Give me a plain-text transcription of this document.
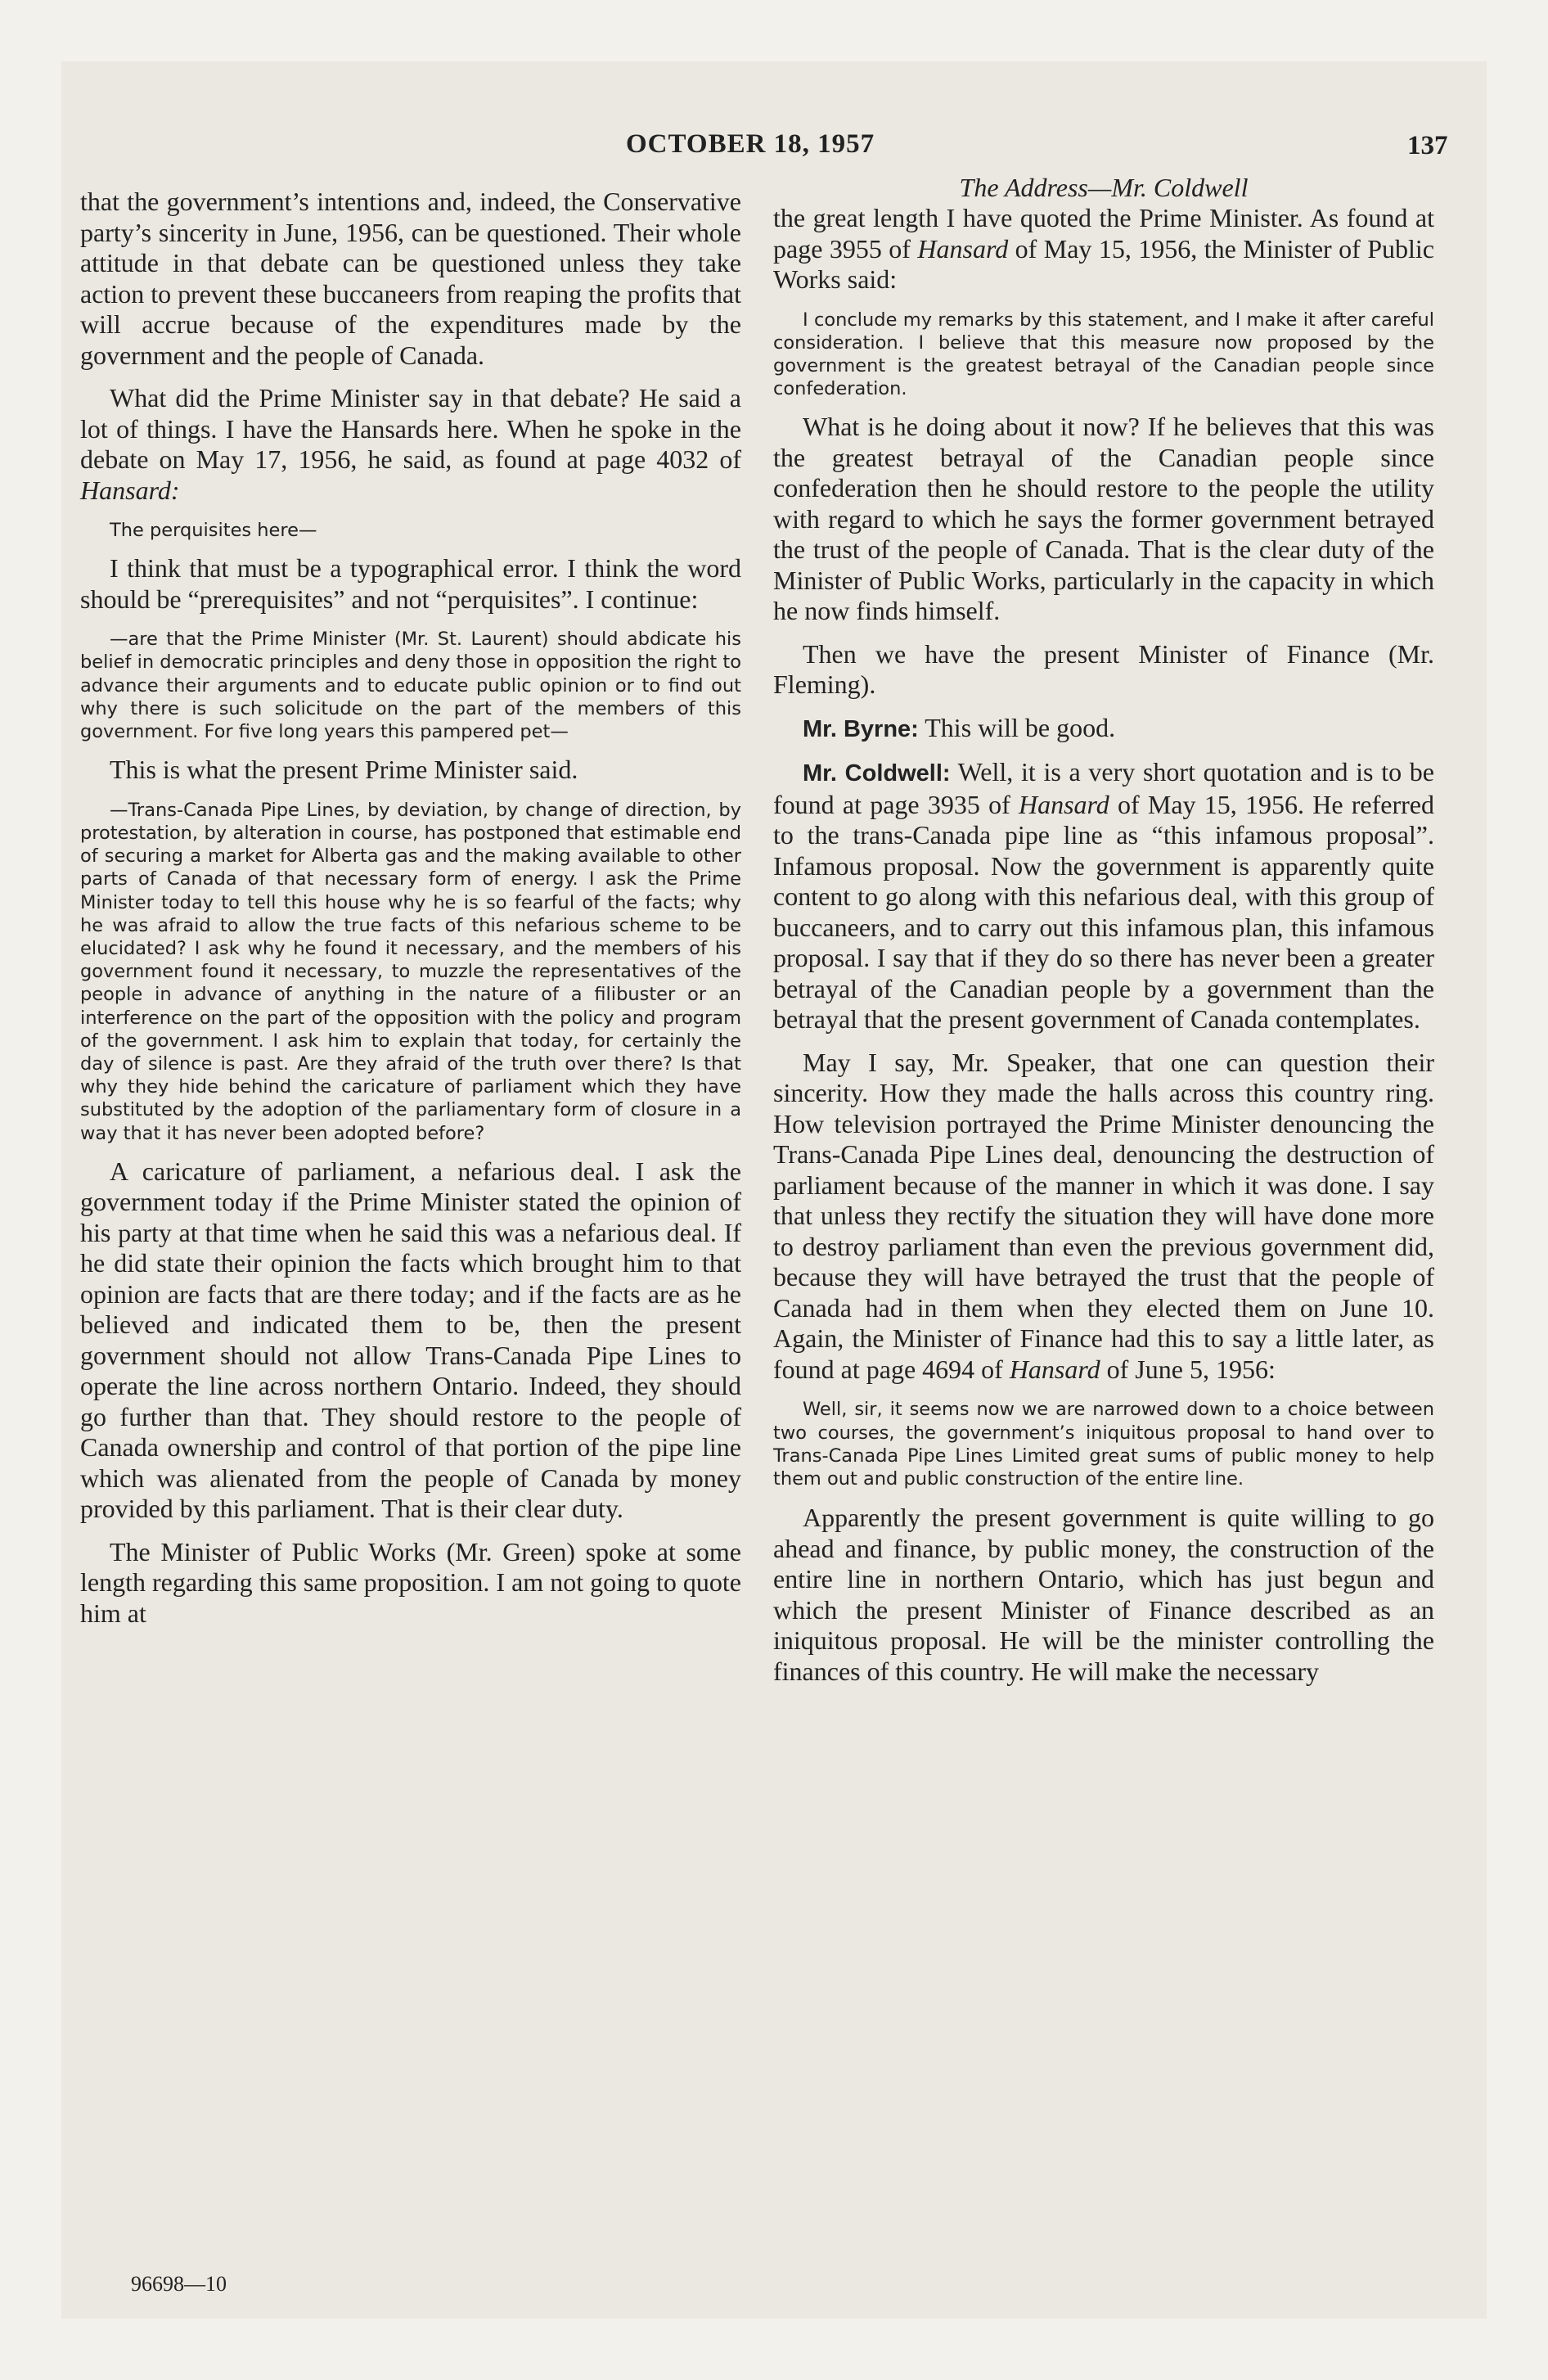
OCTOBER 18, 1957	137

that the government’s intentions and, indeed, the Conservative party’s sincerity in June, 1956, can be questioned. Their whole attitude in that debate can be questioned unless they take action to prevent these buccaneers from reaping the profits that will accrue because of the expenditures made by the government and the people of Canada.

What did the Prime Minister say in that debate? He said a lot of things. I have the Hansards here. When he spoke in the debate on May 17, 1956, he said, as found at page 4032 of Hansard:

The perquisites here—

I think that must be a typographical error. I think the word should be “prerequisites” and not “perquisites”. I continue:

—are that the Prime Minister (Mr. St. Laurent) should abdicate his belief in democratic principles and deny those in opposition the right to advance their arguments and to educate public opinion or to find out why there is such solicitude on the part of the members of this government. For five long years this pampered pet—

This is what the present Prime Minister said.

—Trans-Canada Pipe Lines, by deviation, by change of direction, by protestation, by alteration in course, has postponed that estimable end of securing a market for Alberta gas and the making available to other parts of Canada of that necessary form of energy. I ask the Prime Minister today to tell this house why he is so fearful of the facts; why he was afraid to allow the true facts of this nefarious scheme to be elucidated? I ask why he found it necessary, and the members of his government found it necessary, to muzzle the representatives of the people in advance of anything in the nature of a filibuster or an interference on the part of the opposition with the policy and program of the government. I ask him to explain that today, for certainly the day of silence is past. Are they afraid of the truth over there? Is that why they hide behind the caricature of parliament which they have substituted by the adoption of the parliamentary form of closure in a way that it has never been adopted before?

A caricature of parliament, a nefarious deal. I ask the government today if the Prime Minister stated the opinion of his party at that time when he said this was a nefarious deal. If he did state their opinion the facts which brought him to that opinion are facts that are there today; and if the facts are as he believed and indicated them to be, then the present government should not allow Trans-Canada Pipe Lines to operate the line across northern Ontario. Indeed, they should go further than that. They should restore to the people of Canada ownership and control of that portion of the pipe line which was alienated from the people of Canada by money provided by this parliament. That is their clear duty.

The Minister of Public Works (Mr. Green) spoke at some length regarding this same proposition. I am not going to quote him at

96698—10
The Address—Mr. Coldwell

the great length I have quoted the Prime Minister. As found at page 3955 of Hansard of May 15, 1956, the Minister of Public Works said:

I conclude my remarks by this statement, and I make it after careful consideration. I believe that this measure now proposed by the government is the greatest betrayal of the Canadian people since confederation.

What is he doing about it now? If he believes that this was the greatest betrayal of the Canadian people since confederation then he should restore to the people the utility with regard to which he says the former government betrayed the trust of the people of Canada. That is the clear duty of the Minister of Public Works, particularly in the capacity in which he now finds himself.

Then we have the present Minister of Finance (Mr. Fleming).

Mr. Byrne: This will be good.

Mr. Coldwell: Well, it is a very short quotation and is to be found at page 3935 of Hansard of May 15, 1956. He referred to the trans-Canada pipe line as “this infamous proposal”. Infamous proposal. Now the government is apparently quite content to go along with this nefarious deal, with this group of buccaneers, and to carry out this infamous plan, this infamous proposal. I say that if they do so there has never been a greater betrayal of the Canadian people by a government than the betrayal that the present government of Canada contemplates.

May I say, Mr. Speaker, that one can question their sincerity. How they made the halls across this country ring. How television portrayed the Prime Minister denouncing the Trans-Canada Pipe Lines deal, denouncing the destruction of parliament because of the manner in which it was done. I say that unless they rectify the situation they will have done more to destroy parliament than even the previous government did, because they will have betrayed the trust that the people of Canada had in them when they elected them on June 10. Again, the Minister of Finance had this to say a little later, as found at page 4694 of Hansard of June 5, 1956:

Well, sir, it seems now we are narrowed down to a choice between two courses, the government’s iniquitous proposal to hand over to Trans-Canada Pipe Lines Limited great sums of public money to help them out and public construction of the entire line.

Apparently the present government is quite willing to go ahead and finance, by public money, the construction of the entire line in northern Ontario, which has just begun and which the present Minister of Finance described as an iniquitous proposal. He will be the minister controlling the finances of this country. He will make the necessary
